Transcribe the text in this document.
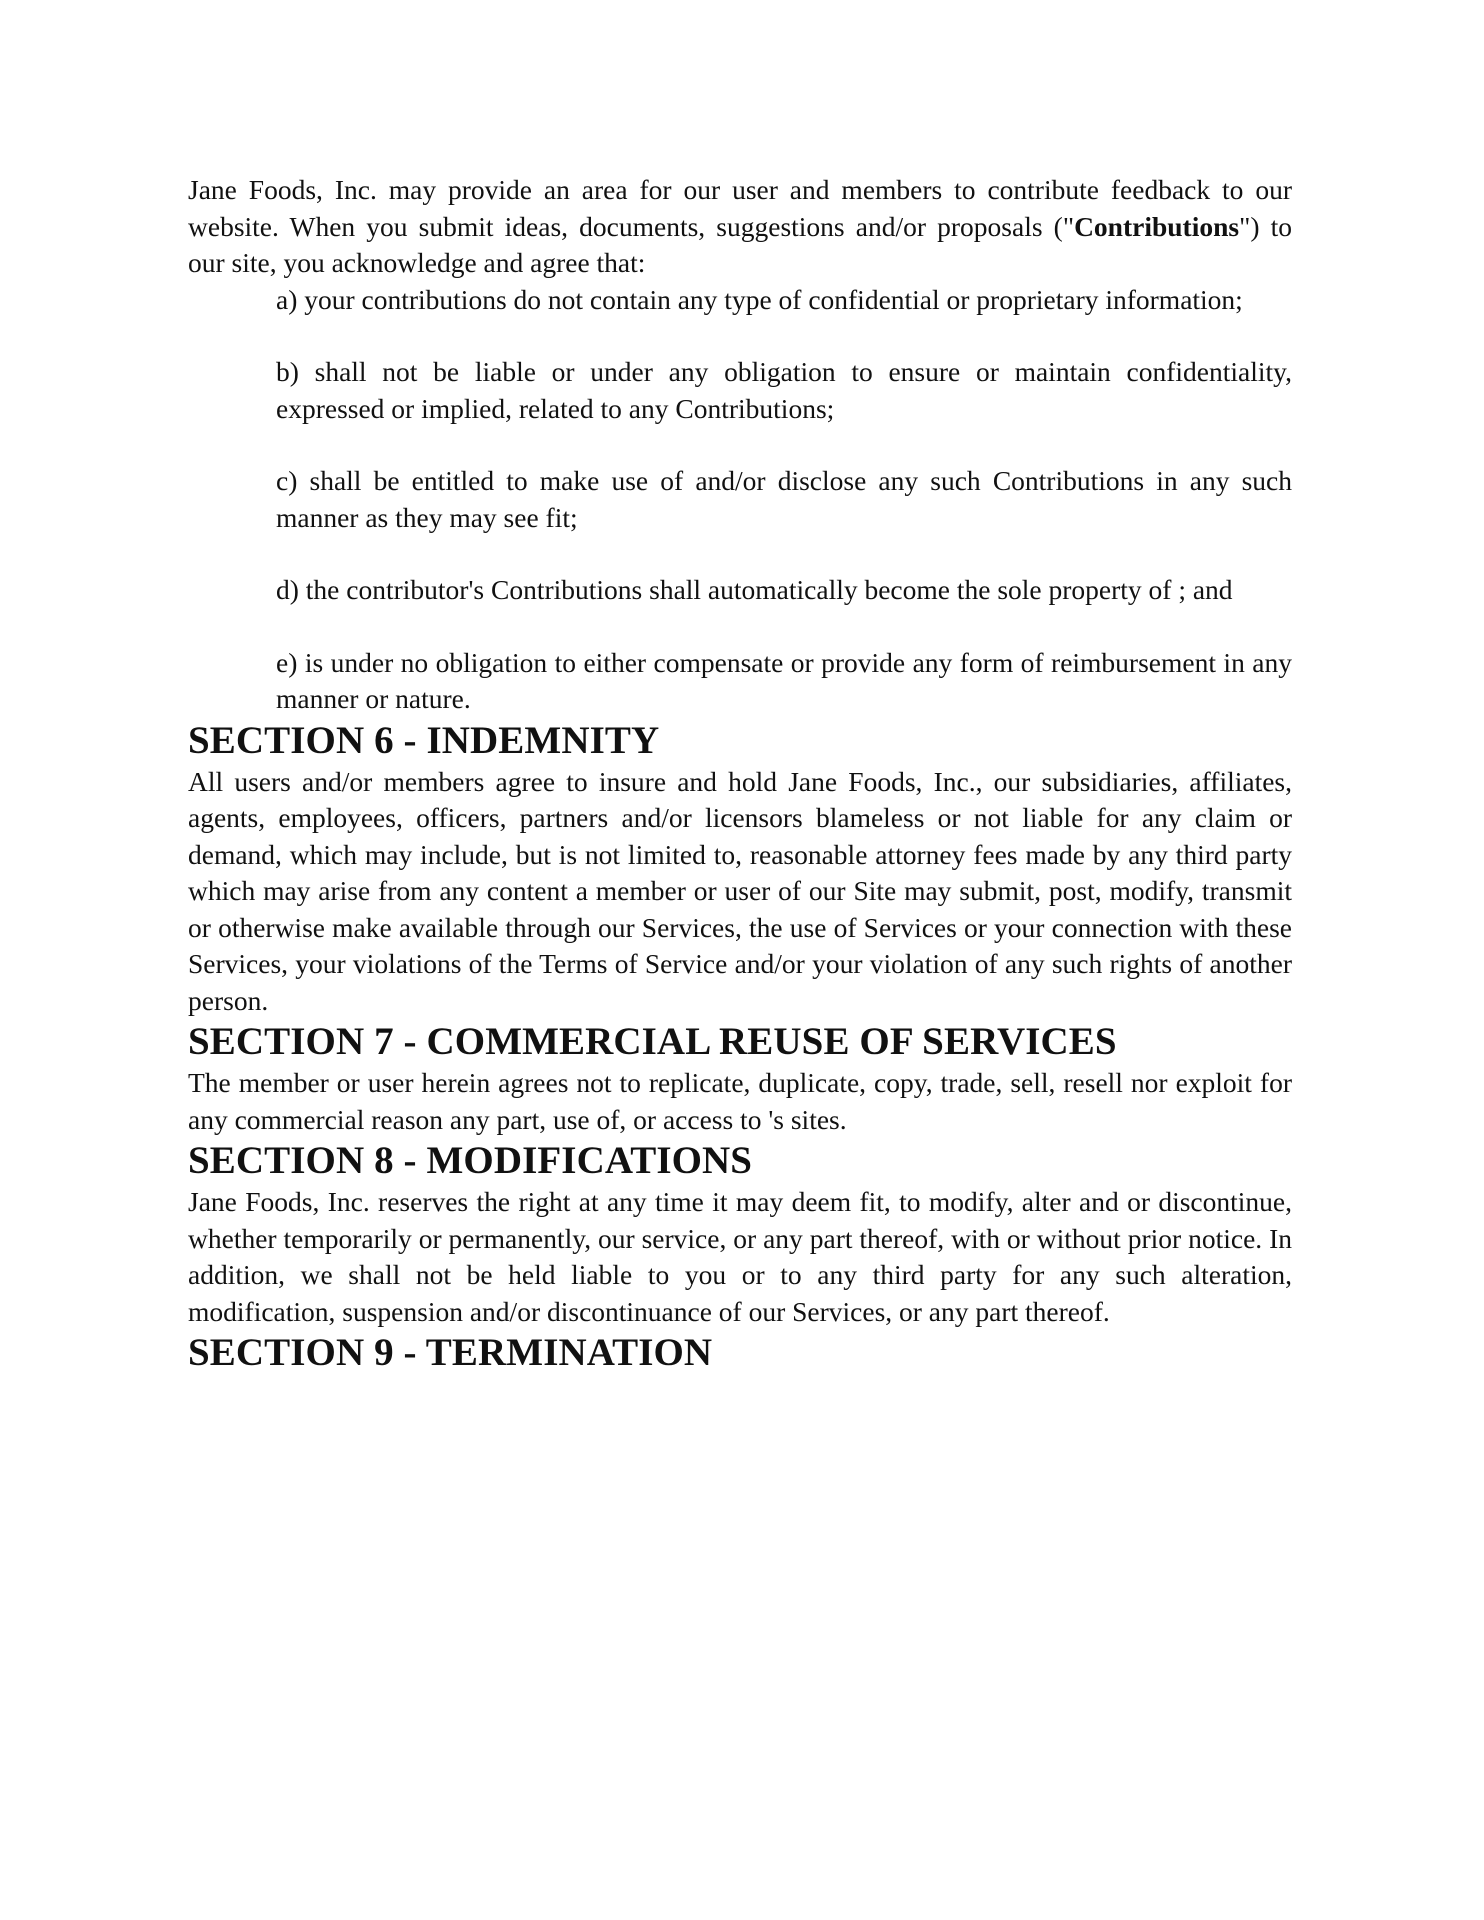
Jane Foods, Inc. may provide an area for our user and members to contribute feedback to our website. When you submit ideas, documents, suggestions and/or proposals ("Contributions") to our site, you acknowledge and agree that:

a) your contributions do not contain any type of confidential or proprietary information;

b) shall not be liable or under any obligation to ensure or maintain confidentiality, expressed or implied, related to any Contributions;

c) shall be entitled to make use of and/or disclose any such Contributions in any such manner as they may see fit;

d) the contributor's Contributions shall automatically become the sole property of ; and

e) is under no obligation to either compensate or provide any form of reimbursement in any manner or nature.

SECTION 6 - INDEMNITY

All users and/or members agree to insure and hold Jane Foods, Inc., our subsidiaries, affiliates, agents, employees, officers, partners and/or licensors blameless or not liable for any claim or demand, which may include, but is not limited to, reasonable attorney fees made by any third party which may arise from any content a member or user of our Site may submit, post, modify, transmit or otherwise make available through our Services, the use of Services or your connection with these Services, your violations of the Terms of Service and/or your violation of any such rights of another person.

SECTION 7 - COMMERCIAL REUSE OF SERVICES

The member or user herein agrees not to replicate, duplicate, copy, trade, sell, resell nor exploit for any commercial reason any part, use of, or access to 's sites.

SECTION 8 - MODIFICATIONS

Jane Foods, Inc. reserves the right at any time it may deem fit, to modify, alter and or discontinue, whether temporarily or permanently, our service, or any part thereof, with or without prior notice. In addition, we shall not be held liable to you or to any third party for any such alteration, modification, suspension and/or discontinuance of our Services, or any part thereof.

SECTION 9 - TERMINATION
